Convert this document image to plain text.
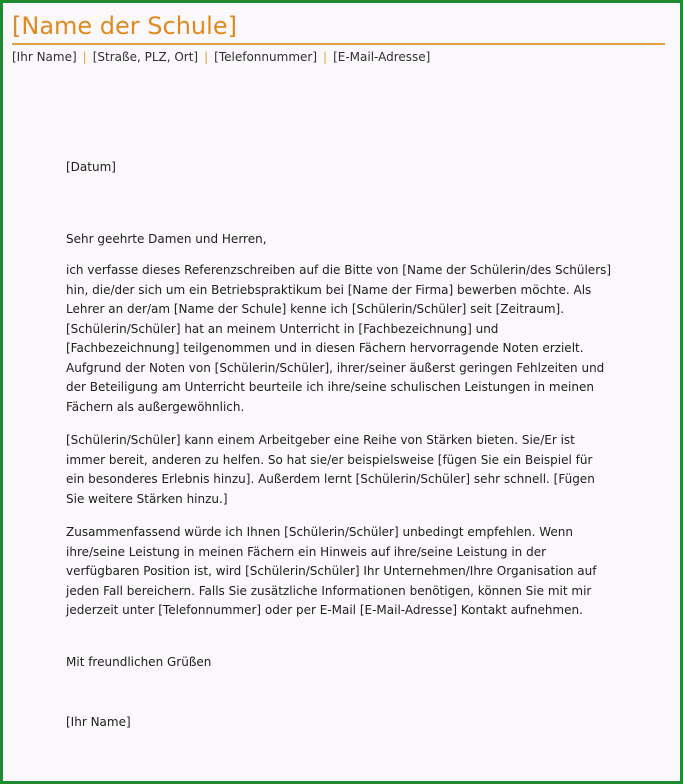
[Name der Schule]
[Ihr Name] | [Straße, PLZ, Ort] | [Telefonnummer] | [E-Mail-Adresse]

[Datum]

Sehr geehrte Damen und Herren,

ich verfasse dieses Referenzschreiben auf die Bitte von [Name der Schülerin/des Schülers] hin, die/der sich um ein Betriebspraktikum bei [Name der Firma] bewerben möchte. Als Lehrer an der/am [Name der Schule] kenne ich [Schülerin/Schüler] seit [Zeitraum]. [Schülerin/Schüler] hat an meinem Unterricht in [Fachbezeichnung] und [Fachbezeichnung] teilgenommen und in diesen Fächern hervorragende Noten erzielt. Aufgrund der Noten von [Schülerin/Schüler], ihrer/seiner äußerst geringen Fehlzeiten und der Beteiligung am Unterricht beurteile ich ihre/seine schulischen Leistungen in meinen Fächern als außergewöhnlich.

[Schülerin/Schüler] kann einem Arbeitgeber eine Reihe von Stärken bieten. Sie/Er ist immer bereit, anderen zu helfen. So hat sie/er beispielsweise [fügen Sie ein Beispiel für ein besonderes Erlebnis hinzu]. Außerdem lernt [Schülerin/Schüler] sehr schnell. [Fügen Sie weitere Stärken hinzu.]

Zusammenfassend würde ich Ihnen [Schülerin/Schüler] unbedingt empfehlen. Wenn ihre/seine Leistung in meinen Fächern ein Hinweis auf ihre/seine Leistung in der verfügbaren Position ist, wird [Schülerin/Schüler] Ihr Unternehmen/Ihre Organisation auf jeden Fall bereichern. Falls Sie zusätzliche Informationen benötigen, können Sie mit mir jederzeit unter [Telefonnummer] oder per E-Mail [E-Mail-Adresse] Kontakt aufnehmen.

Mit freundlichen Grüßen

[Ihr Name]
